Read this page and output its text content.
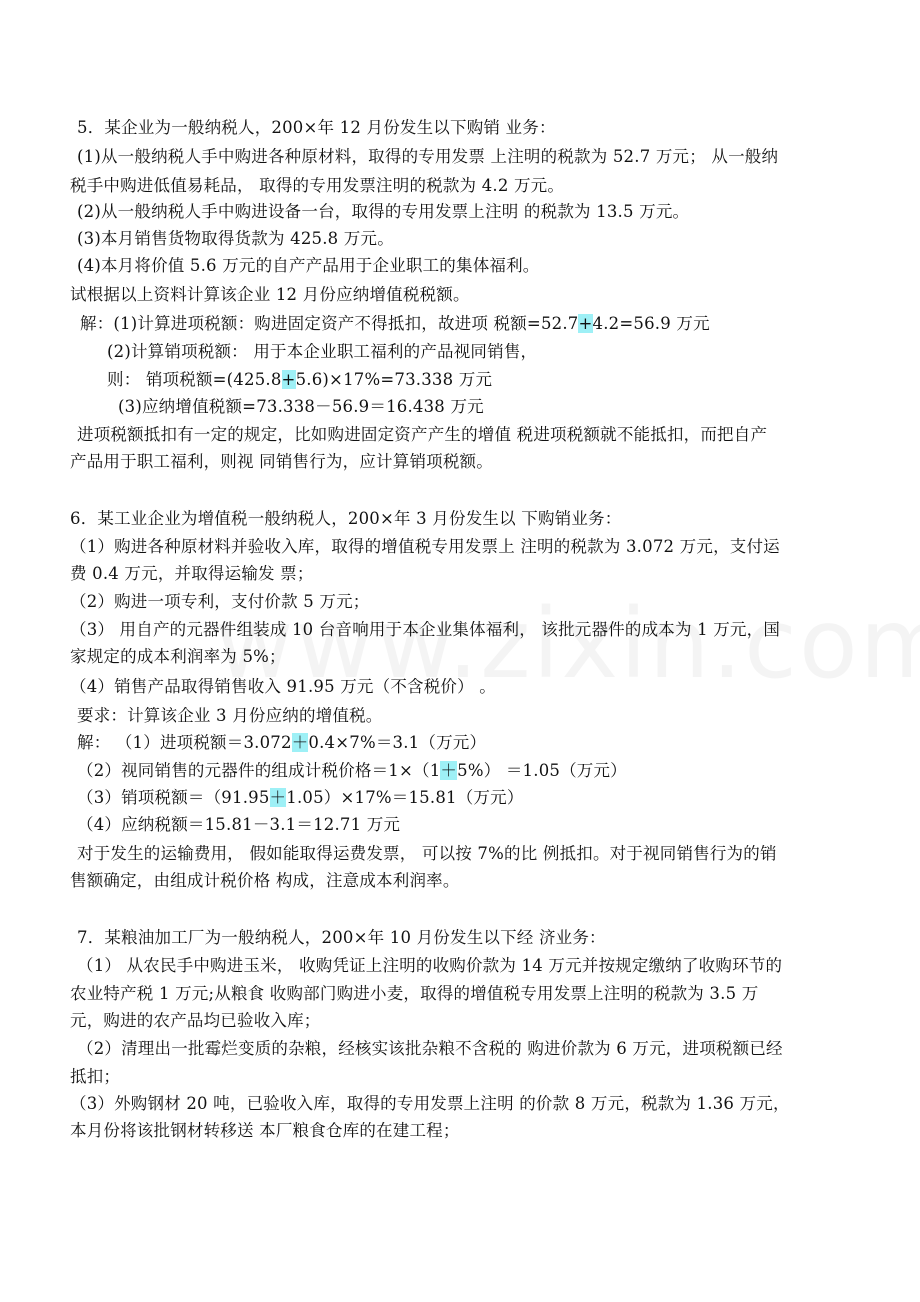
5．某企业为一般纳税人，200×年 12 月份发生以下购销 业务：
(1)从一般纳税人手中购进各种原材料，取得的专用发票 上注明的税款为 52.7 万元； 从一般纳
税手中购进低值易耗品， 取得的专用发票注明的税款为 4.2 万元。
(2)从一般纳税人手中购进设备一台，取得的专用发票上注明 的税款为 13.5 万元。
(3)本月销售货物取得货款为 425.8 万元。
(4)本月将价值 5.6 万元的自产产品用于企业职工的集体福利。
试根据以上资料计算该企业 12 月份应纳增值税税额。
解：(1)计算进项税额：购进固定资产不得抵扣，故进项 税额=52.7+4.2=56.9 万元
(2)计算销项税额： 用于本企业职工福利的产品视同销售，
则： 销项税额=(425.8+5.6)×17%=73.338 万元
(3)应纳增值税额=73.338－56.9＝16.438 万元
进项税额抵扣有一定的规定，比如购进固定资产产生的增值 税进项税额就不能抵扣，而把自产
产品用于职工福利，则视 同销售行为，应计算销项税额。
6．某工业企业为增值税一般纳税人，200×年 3 月份发生以 下购销业务：
（1）购进各种原材料并验收入库，取得的增值税专用发票上 注明的税款为 3.072 万元，支付运
费 0.4 万元，并取得运输发 票；
（2）购进一项专利，支付价款 5 万元；
（3） 用自产的元器件组装成 10 台音响用于本企业集体福利， 该批元器件的成本为 1 万元，国
家规定的成本利润率为 5%；
（4）销售产品取得销售收入 91.95 万元（不含税价） 。
要求：计算该企业 3 月份应纳的增值税。
解： （1）进项税额＝3.072＋0.4×7%＝3.1（万元）
（2）视同销售的元器件的组成计税价格＝1×（1＋5%） ＝1.05（万元）
（3）销项税额＝（91.95＋1.05）×17%＝15.81（万元）
（4）应纳税额＝15.81－3.1＝12.71 万元
对于发生的运输费用， 假如能取得运费发票， 可以按 7%的比 例抵扣。对于视同销售行为的销
售额确定，由组成计税价格 构成，注意成本利润率。
7．某粮油加工厂为一般纳税人，200×年 10 月份发生以下经 济业务：
（1） 从农民手中购进玉米， 收购凭证上注明的收购价款为 14 万元并按规定缴纳了收购环节的
农业特产税 1 万元;从粮食 收购部门购进小麦，取得的增值税专用发票上注明的税款为 3.5 万
元，购进的农产品均已验收入库；
（2）清理出一批霉烂变质的杂粮，经核实该批杂粮不含税的 购进价款为 6 万元，进项税额已经
抵扣；
（3）外购钢材 20 吨，已验收入库，取得的专用发票上注明 的价款 8 万元，税款为 1.36 万元，
本月份将该批钢材转移送 本厂粮食仓库的在建工程；
